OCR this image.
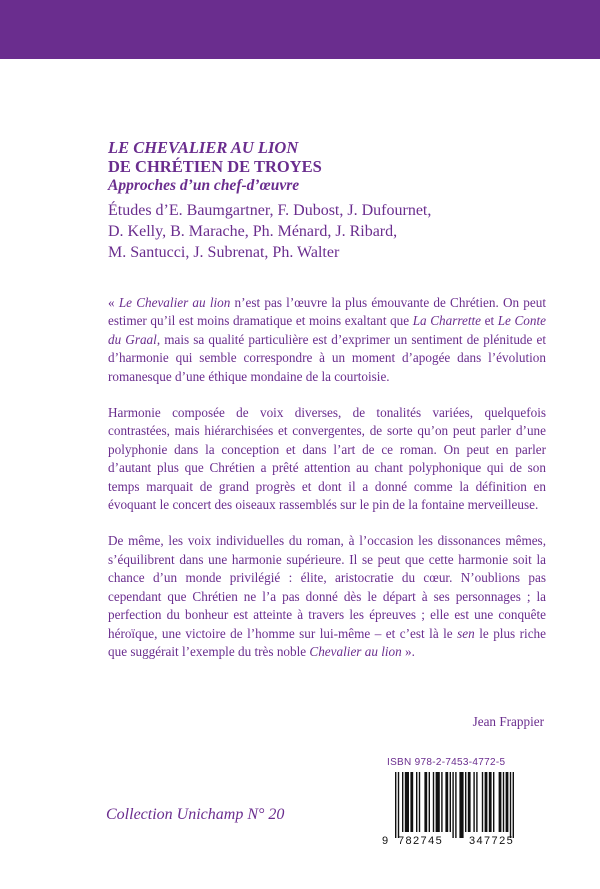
LE CHEVALIER AU LION

DE CHRÉTIEN DE TROYES

Approches d’un chef-d’œuvre

Études d’E. Baumgartner, F. Dubost, J. Dufournet,
D. Kelly, B. Marache, Ph. Ménard, J. Ribard,
M. Santucci, J. Subrenat, Ph. Walter

« Le Chevalier au lion n’est pas l’œuvre la plus émouvante de Chrétien. On peut estimer qu’il est moins dramatique et moins exaltant que La Charrette et Le Conte du Graal, mais sa qualité particulière est d’exprimer un sentiment de plénitude et d’harmonie qui semble correspondre à un moment d’apogée dans l’évolution romanesque d’une éthique mondaine de la courtoisie.

Harmonie composée de voix diverses, de tonalités variées, quelquefois contrastées, mais hiérarchisées et convergentes, de sorte qu’on peut parler d’une polyphonie dans la conception et dans l’art de ce roman. On peut en parler d’autant plus que Chrétien a prêté attention au chant polyphonique qui de son temps marquait de grand progrès et dont il a donné comme la définition en évoquant le concert des oiseaux rassemblés sur le pin de la fontaine merveilleuse.

De même, les voix individuelles du roman, à l’occasion les dissonances mêmes, s’équilibrent dans une harmonie supérieure. Il se peut que cette harmonie soit la chance d’un monde privilégié : élite, aristocratie du cœur. N’oublions pas cependant que Chrétien ne l’a pas donné dès le départ à ses personnages ; la perfection du bonheur est atteinte à travers les épreuves ; elle est une conquête héroïque, une victoire de l’homme sur lui-même – et c’est là le sen le plus riche que suggérait l’exemple du très noble Chevalier au lion ».

Jean Frappier
Collection Unichamp N° 20

ISBN 978-2-7453-4772-5

9 782745 347725
